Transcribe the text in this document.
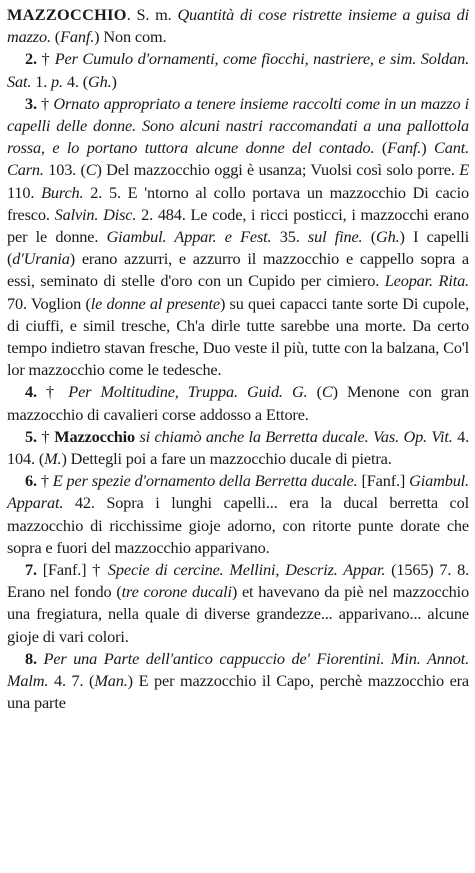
MAZZOCCHIO. S. m. Quantità di cose ristrette insieme a guisa di mazzo. (Fanf.) Non com.

2. † Per Cumulo d'ornamenti, come fiocchi, nastriere, e sim. Soldan. Sat. 1. p. 4. (Gh.)

3. † Ornato appropriato a tenere insieme raccolti come in un mazzo i capelli delle donne. Sono alcuni nastri raccomandati a una pallottola rossa, e lo portano tuttora alcune donne del contado. (Fanf.) Cant. Carn. 103. (C) Del mazzocchio oggi è usanza; Vuolsi così solo porre. E 110. Burch. 2. 5. E 'ntorno al collo portava un mazzocchio Di cacio fresco. Salvin. Disc. 2. 484. Le code, i ricci posticci, i mazzocchi erano per le donne. Giambul. Appar. e Fest. 35. sul fine. (Gh.) I capelli (d'Urania) erano azzurri, e azzurro il mazzocchio e cappello sopra a essi, seminato di stelle d'oro con un Cupido per cimiero. Leopar. Rita. 70. Voglion (le donne al presente) su quei capacci tante sorte Di cupole, di ciuffi, e simil tresche, Ch'a dirle tutte sarebbe una morte. Da certo tempo indietro stavan fresche, Duo veste il più, tutte con la balzana, Co'l lor mazzocchio come le tedesche.

4. † Per Moltitudine, Truppa. Guid. G. (C) Menone con gran mazzocchio di cavalieri corse addosso a Ettore.

5. † Mazzocchio si chiamò anche la Berretta ducale. Vas. Op. Vit. 4. 104. (M.) Dettegli poi a fare un mazzocchio ducale di pietra.

6. † E per spezie d'ornamento della Berretta ducale. [Fanf.] Giambul. Apparat. 42. Sopra i lunghi capelli... era la ducal berretta col mazzocchio di ricchissime gioje adorno, con ritorte punte dorate che sopra e fuori del mazzocchio apparivano.

7. [Fanf.] † Specie di cercine. Mellini, Descriz. Appar. (1565) 7. 8. Erano nel fondo (tre corone ducali) et havevano da piè nel mazzocchio una fregiatura, nella quale di diverse grandezze... apparivano... alcune gioje di vari colori.

8. Per una Parte dell'antico cappuccio de' Fiorentini. Min. Annot. Malm. 4. 7. (Man.) E per mazzocchio il Capo, perchè mazzocchio era una parte
